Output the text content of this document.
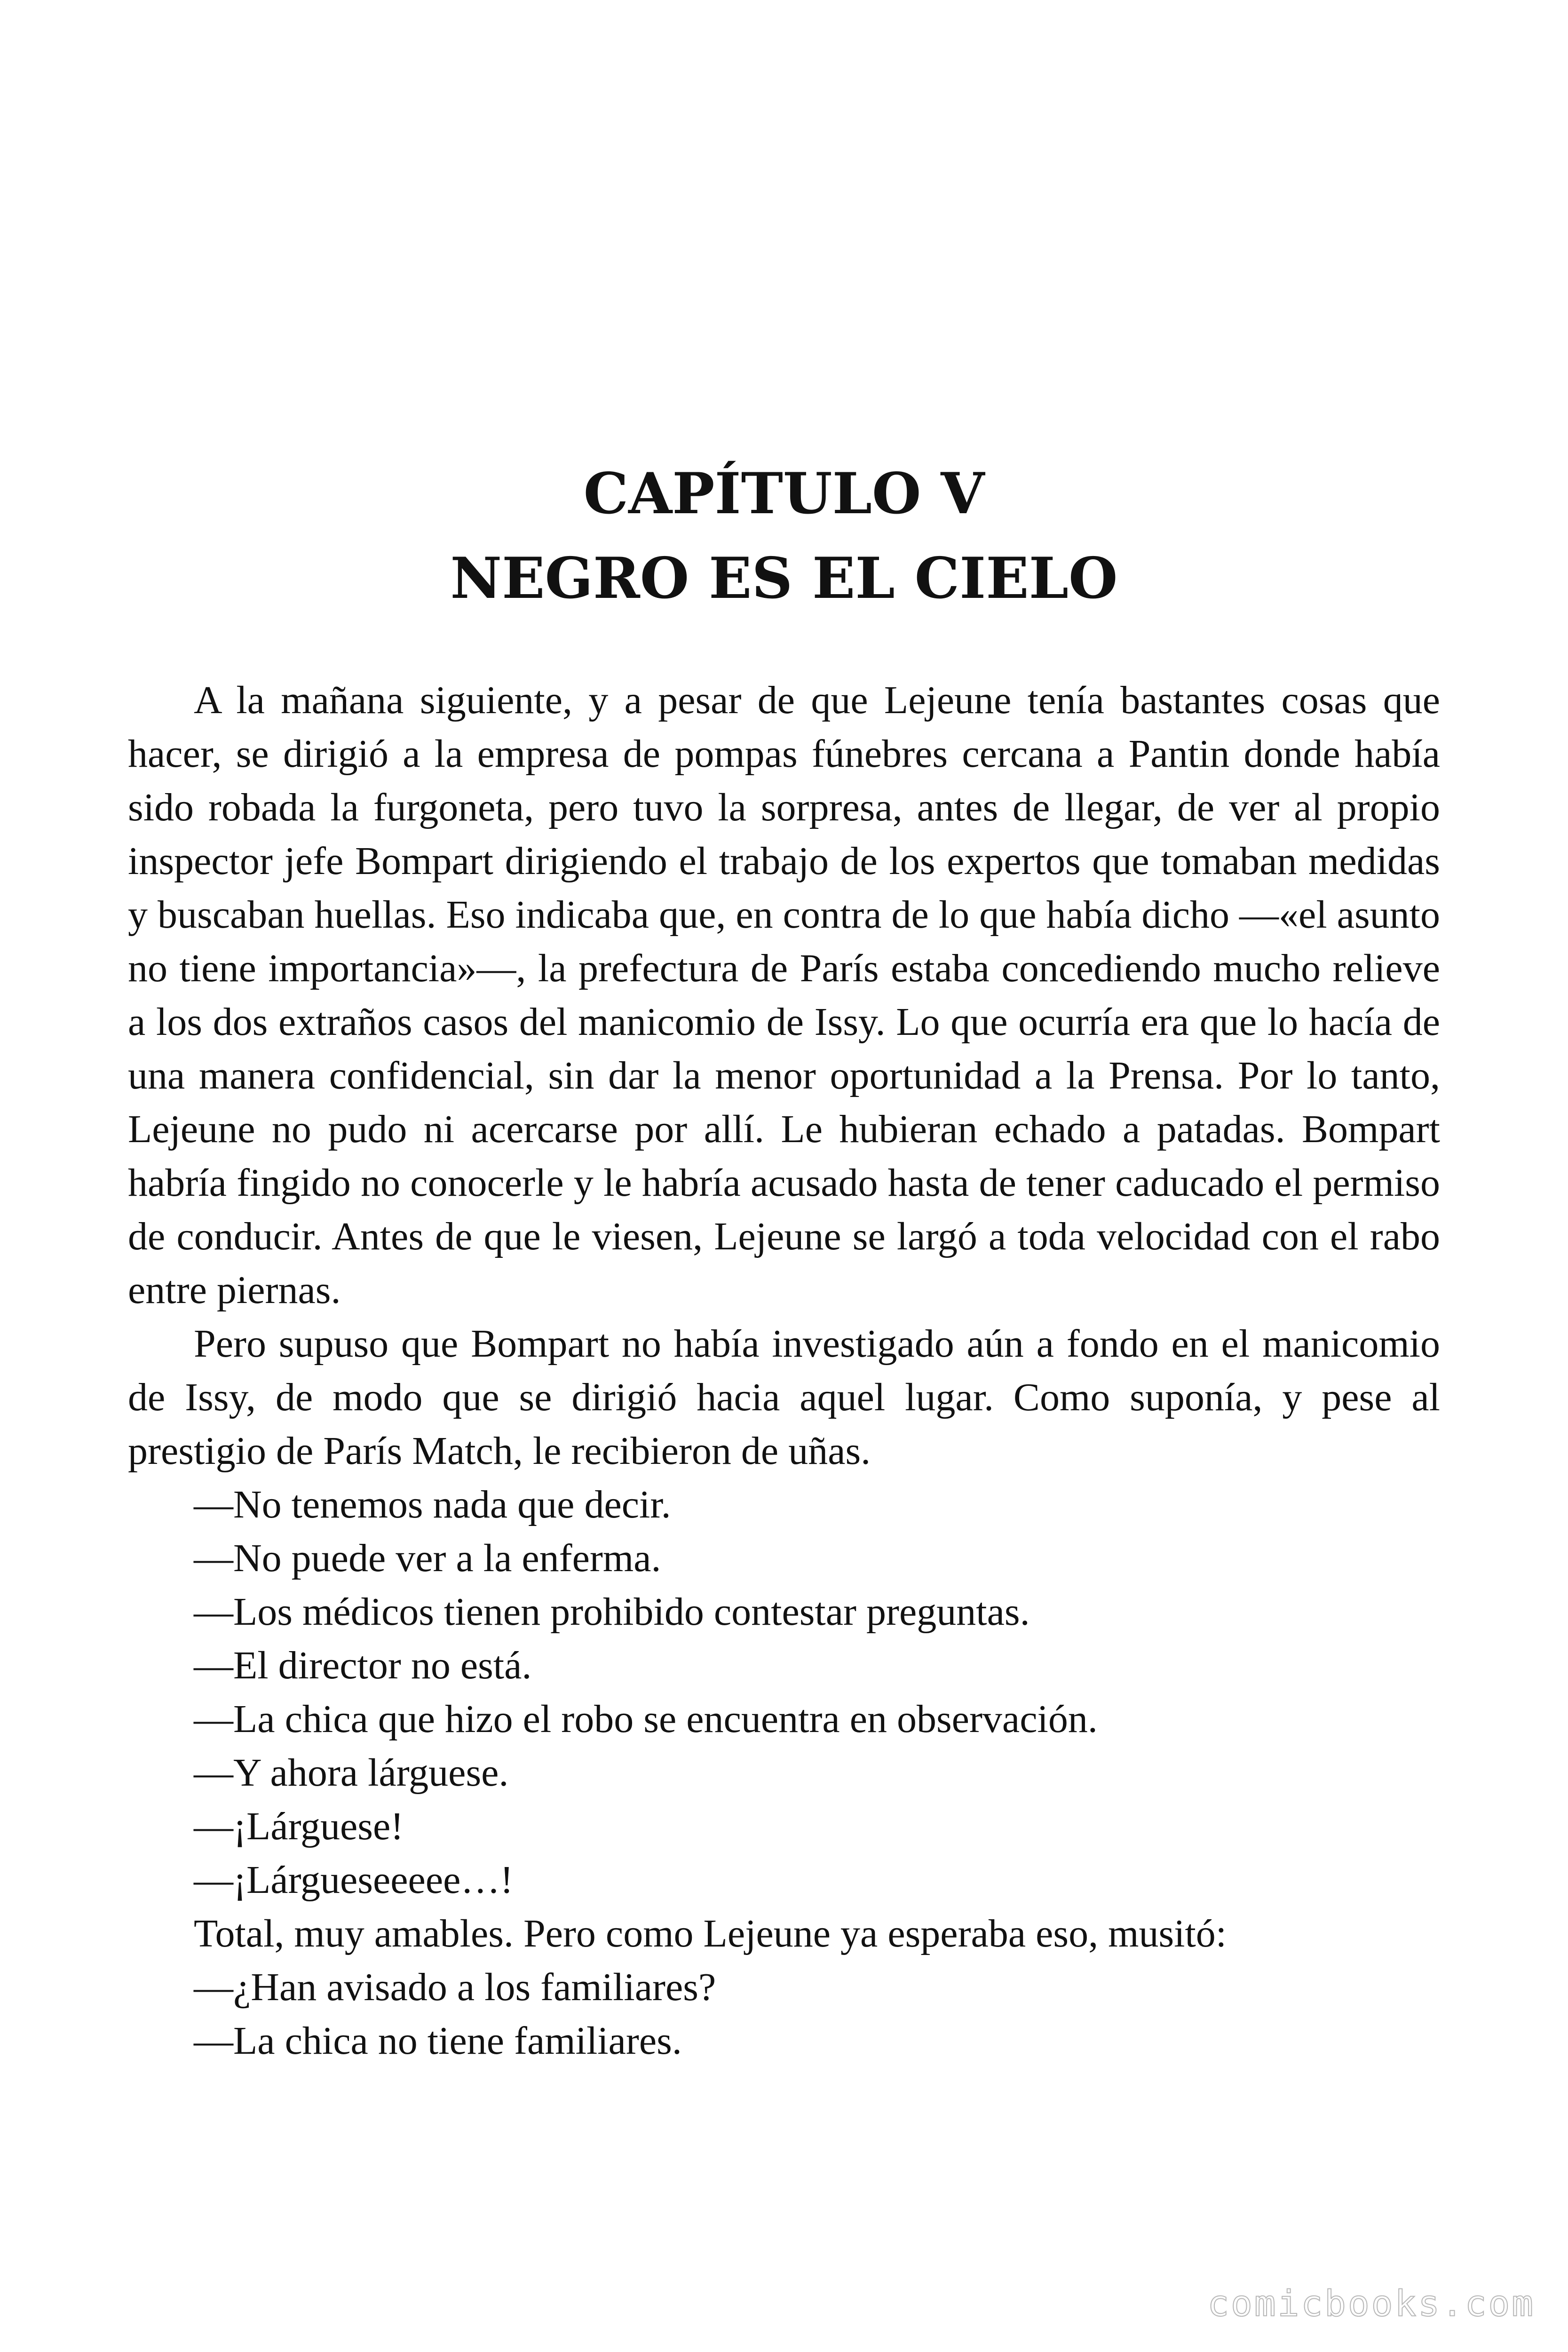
CAPÍTULO V
NEGRO ES EL CIELO

A la mañana siguiente, y a pesar de que Lejeune tenía bastantes cosas que hacer, se dirigió a la empresa de pompas fúnebres cercana a Pantin donde había sido robada la furgoneta, pero tuvo la sorpresa, antes de llegar, de ver al propio inspector jefe Bompart dirigiendo el trabajo de los expertos que tomaban medidas y buscaban huellas. Eso indicaba que, en contra de lo que había dicho —«el asunto no tiene importancia»—, la prefectura de París estaba concediendo mucho relieve a los dos extraños casos del manicomio de Issy. Lo que ocurría era que lo hacía de una manera confidencial, sin dar la menor oportunidad a la Prensa. Por lo tanto, Lejeune no pudo ni acercarse por allí. Le hubieran echado a patadas. Bompart habría fingido no conocerle y le habría acusado hasta de tener caducado el permiso de conducir. Antes de que le viesen, Lejeune se largó a toda velocidad con el rabo entre piernas.

Pero supuso que Bompart no había investigado aún a fondo en el manicomio de Issy, de modo que se dirigió hacia aquel lugar. Como suponía, y pese al prestigio de París Match, le recibieron de uñas.

—No tenemos nada que decir.

—No puede ver a la enferma.

—Los médicos tienen prohibido contestar preguntas.

—El director no está.

—La chica que hizo el robo se encuentra en observación.

—Y ahora lárguese.

—¡Lárguese!

—¡Lárgueseeeee…!

Total, muy amables. Pero como Lejeune ya esperaba eso, musitó:

—¿Han avisado a los familiares?

—La chica no tiene familiares.

comicbooks.com
